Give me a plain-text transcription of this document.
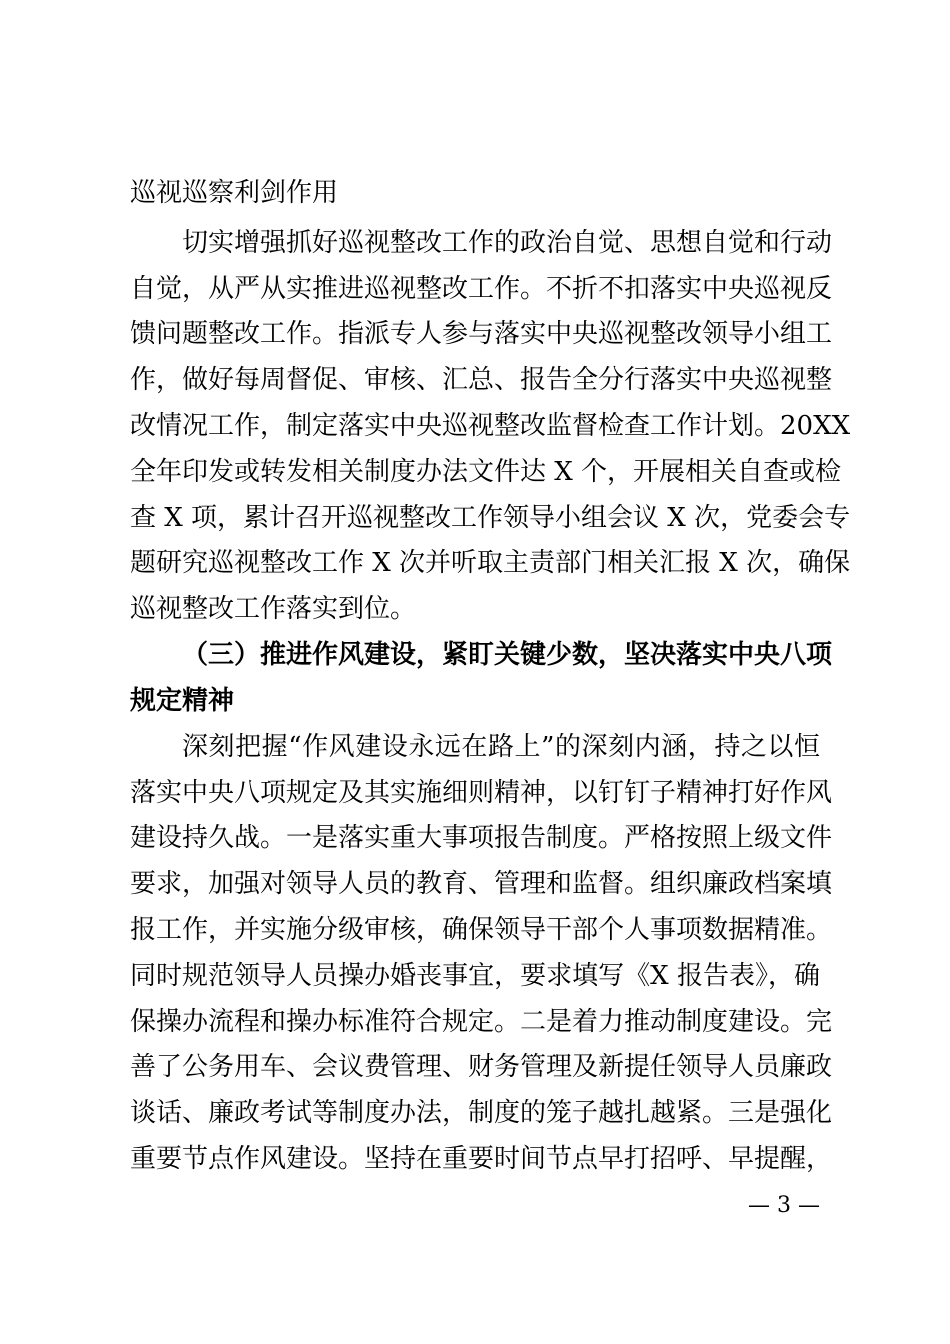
巡视巡察利剑作用
切实增强抓好巡视整改工作的政治自觉、思想自觉和行动
自觉，从严从实推进巡视整改工作。不折不扣落实中央巡视反
馈问题整改工作。指派专人参与落实中央巡视整改领导小组工
作，做好每周督促、审核、汇总、报告全分行落实中央巡视整
改情况工作，制定落实中央巡视整改监督检查工作计划。20XX
全年印发或转发相关制度办法文件达 X 个，开展相关自查或检
查 X 项，累计召开巡视整改工作领导小组会议 X 次，党委会专
题研究巡视整改工作 X 次并听取主责部门相关汇报 X 次，确保
巡视整改工作落实到位。
（三）推进作风建设，紧盯关键少数，坚决落实中央八项
规定精神
深刻把握“作风建设永远在路上”的深刻内涵，持之以恒
落实中央八项规定及其实施细则精神，以钉钉子精神打好作风
建设持久战。一是落实重大事项报告制度。严格按照上级文件
要求，加强对领导人员的教育、管理和监督。组织廉政档案填
报工作，并实施分级审核，确保领导干部个人事项数据精准。
同时规范领导人员操办婚丧事宜，要求填写《X 报告表》，确
保操办流程和操办标准符合规定。二是着力推动制度建设。完
善了公务用车、会议费管理、财务管理及新提任领导人员廉政
谈话、廉政考试等制度办法，制度的笼子越扎越紧。三是强化
重要节点作风建设。坚持在重要时间节点早打招呼、早提醒，
— 3 —
